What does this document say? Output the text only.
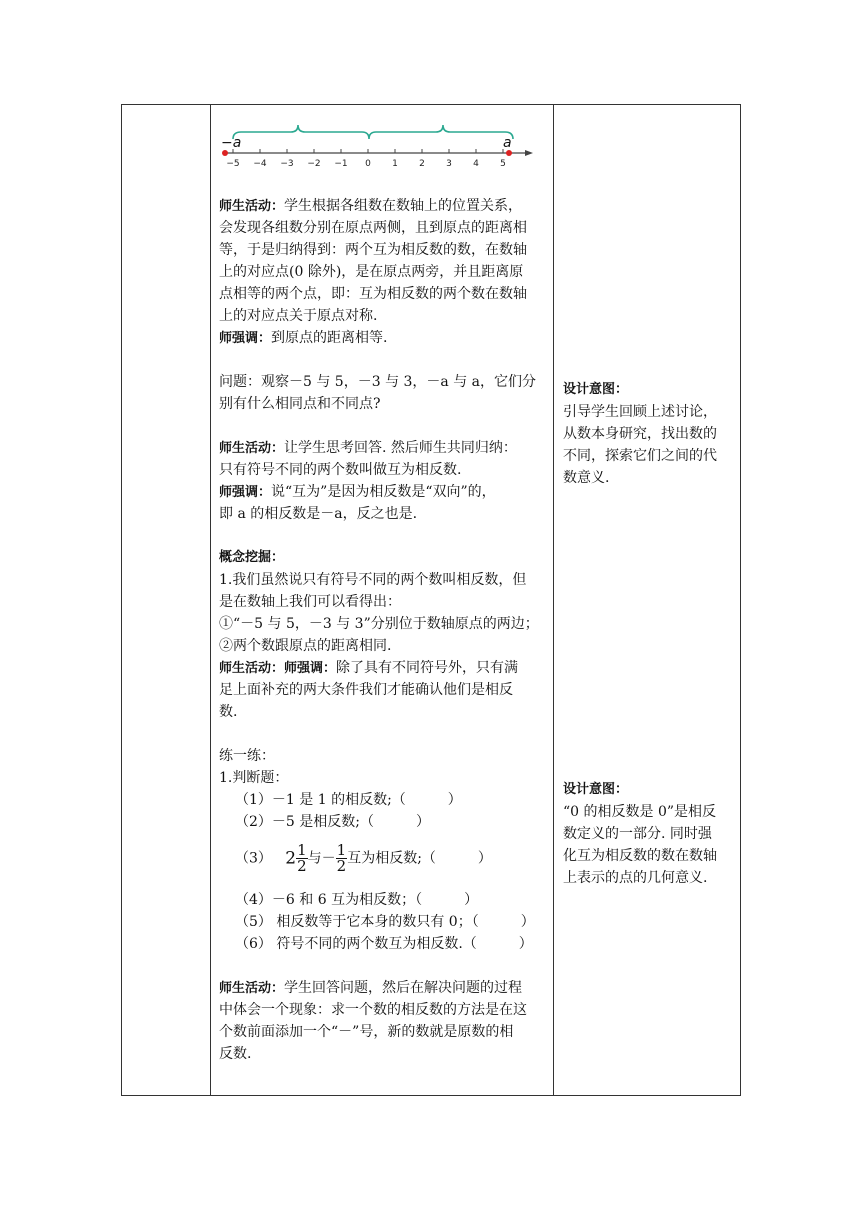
−5 −4 −3 −2 −1 0 1 2 3 4 5
−a	a
师生活动：学生根据各组数在数轴上的位置关系，
会发现各组数分别在原点两侧，且到原点的距离相
等，于是归纳得到：两个互为相反数的数，在数轴
上的对应点(0 除外)，是在原点两旁，并且距离原
点相等的两个点，即：互为相反数的两个数在数轴
上的对应点关于原点对称.
师强调：到原点的距离相等.
问题：观察－5 与 5，－3 与 3，－a 与 a，它们分
别有什么相同点和不同点?
师生活动：让学生思考回答. 然后师生共同归纳：
只有符号不同的两个数叫做互为相反数.
师强调：说“互为”是因为相反数是“双向”的，
即 a 的相反数是－a，反之也是.
概念挖掘：
1.我们虽然说只有符号不同的两个数叫相反数，但
是在数轴上我们可以看得出：
①“－5 与 5，－3 与 3”分别位于数轴原点的两边；
②两个数跟原点的距离相同.
师生活动：师强调：除了具有不同符号外，只有满
足上面补充的两大条件我们才能确认他们是相反
数.
练一练：
1.判断题：
（1）－1 是 1 的相反数;（　　　）
（2）－5 是相反数;（　　　）
（3） $2 \frac{1}{2}$ 与－ $\frac{1}{2}$ 互为相反数;（　　　）
（4）－6 和 6 互为相反数；（　　　）
（5） 相反数等于它本身的数只有 0；（　　　）
（6） 符号不同的两个数互为相反数.（　　　）
师生活动：学生回答问题，然后在解决问题的过程
中体会一个现象：求一个数的相反数的方法是在这
个数前面添加一个“－”号，新的数就是原数的相
反数.

设计意图：
引导学生回顾上述讨论，
从数本身研究，找出数的
不同，探索它们之间的代
数意义.
设计意图：
“0 的相反数是 0”是相反
数定义的一部分. 同时强
化互为相反数的数在数轴
上表示的点的几何意义.
